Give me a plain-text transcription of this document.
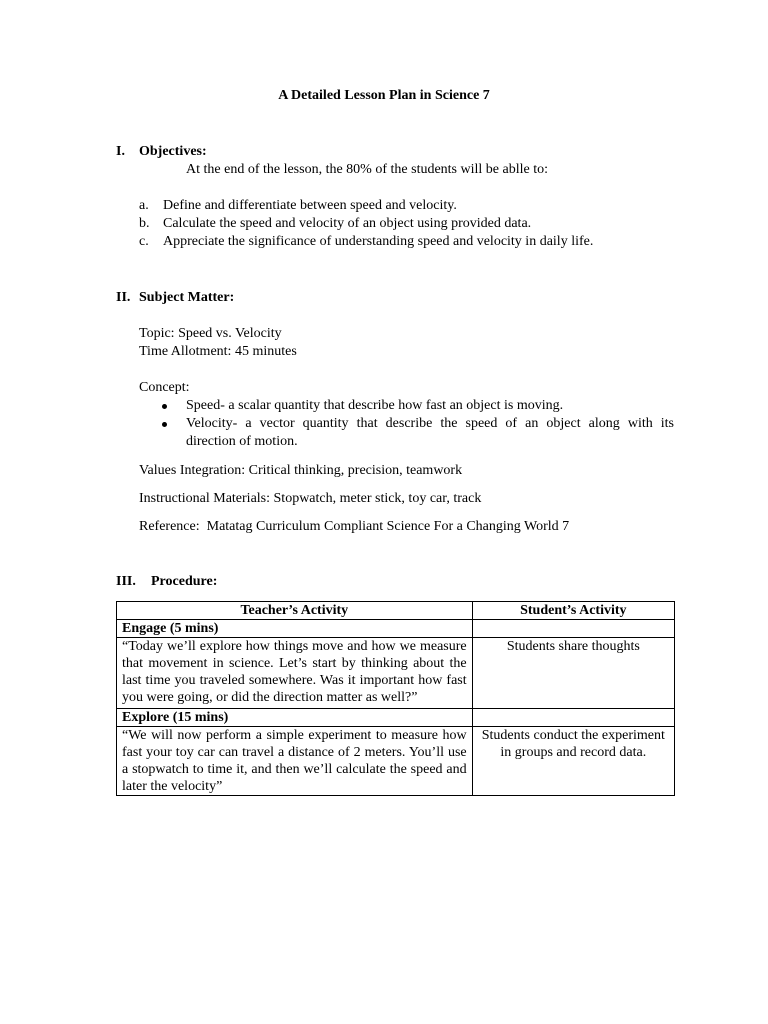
A Detailed Lesson Plan in Science 7
I. Objectives:
At the end of the lesson, the 80% of the students will be ablle to:
a. Define and differentiate between speed and velocity.
b. Calculate the speed and velocity of an object using provided data.
c. Appreciate the significance of understanding speed and velocity in daily life.
II. Subject Matter:
Topic: Speed vs. Velocity
Time Allotment: 45 minutes
Concept:
Speed- a scalar quantity that describe how fast an object is moving.
Velocity- a vector quantity that describe the speed of an object along with its
direction of motion.
Values Integration: Critical thinking, precision, teamwork
Instructional Materials: Stopwatch, meter stick, toy car, track
Reference:  Matatag Curriculum Compliant Science For a Changing World 7
III. Procedure:
Teacher’s Activity	Student’s Activity
Engage (5 mins)	
“Today we’ll explore how things move and how we measure that movement in science. Let’s start by thinking about the last time you traveled somewhere. Was it important how fast you were going, or did the direction matter as well?”	Students share thoughts
Explore (15 mins)	
“We will now perform a simple experiment to measure how fast your toy car can travel a distance of 2 meters. You’ll use a stopwatch to time it, and then we’ll calculate the speed and later the velocity”	Students conduct the experiment in groups and record data.
